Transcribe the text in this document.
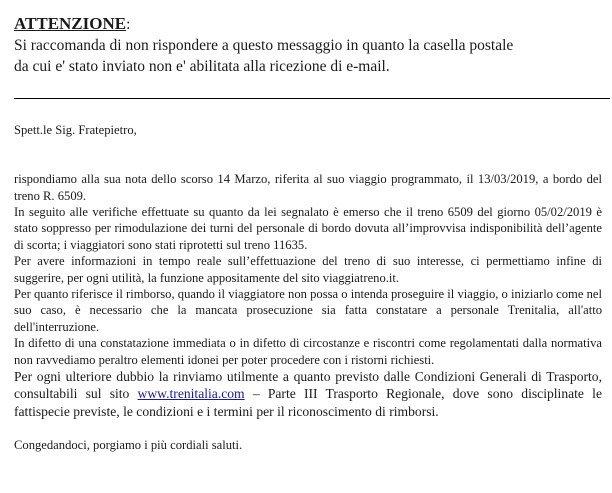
ATTENZIONE:
Si raccomanda di non rispondere a questo messaggio in quanto la casella postale
da cui e' stato inviato non e' abilitata alla ricezione di e-mail.

Spett.le Sig. Fratepietro,

rispondiamo alla sua nota dello scorso 14 Marzo, riferita al suo viaggio programmato, il 13/03/2019, a bordo del treno R. 6509.

In seguito alle verifiche effettuate su quanto da lei segnalato è emerso che il treno 6509 del giorno 05/02/2019 è stato soppresso per rimodulazione dei turni del personale di bordo dovuta all’improvvisa indisponibilità dell’agente di scorta; i viaggiatori sono stati riprotetti sul treno 11635.

Per avere informazioni in tempo reale sull’effettuazione del treno di suo interesse, ci permettiamo infine di suggerire, per ogni utilità, la funzione appositamente del sito viaggiatreno.it.

Per quanto riferisce il rimborso, quando il viaggiatore non possa o intenda proseguire il viaggio, o iniziarlo come nel suo caso, è necessario che la mancata prosecuzione sia fatta constatare a personale Trenitalia, all'atto dell'interruzione.

In difetto di una constatazione immediata o in difetto di circostanze e riscontri come regolamentati dalla normativa non ravvediamo peraltro elementi idonei per poter procedere con i ristorni richiesti.

Per ogni ulteriore dubbio la rinviamo utilmente a quanto previsto dalle Condizioni Generali di Trasporto, consultabili sul sito www.trenitalia.com – Parte III Trasporto Regionale, dove sono disciplinate le fattispecie previste, le condizioni e i termini per il riconoscimento di rimborsi.

Congedandoci, porgiamo i più cordiali saluti.
